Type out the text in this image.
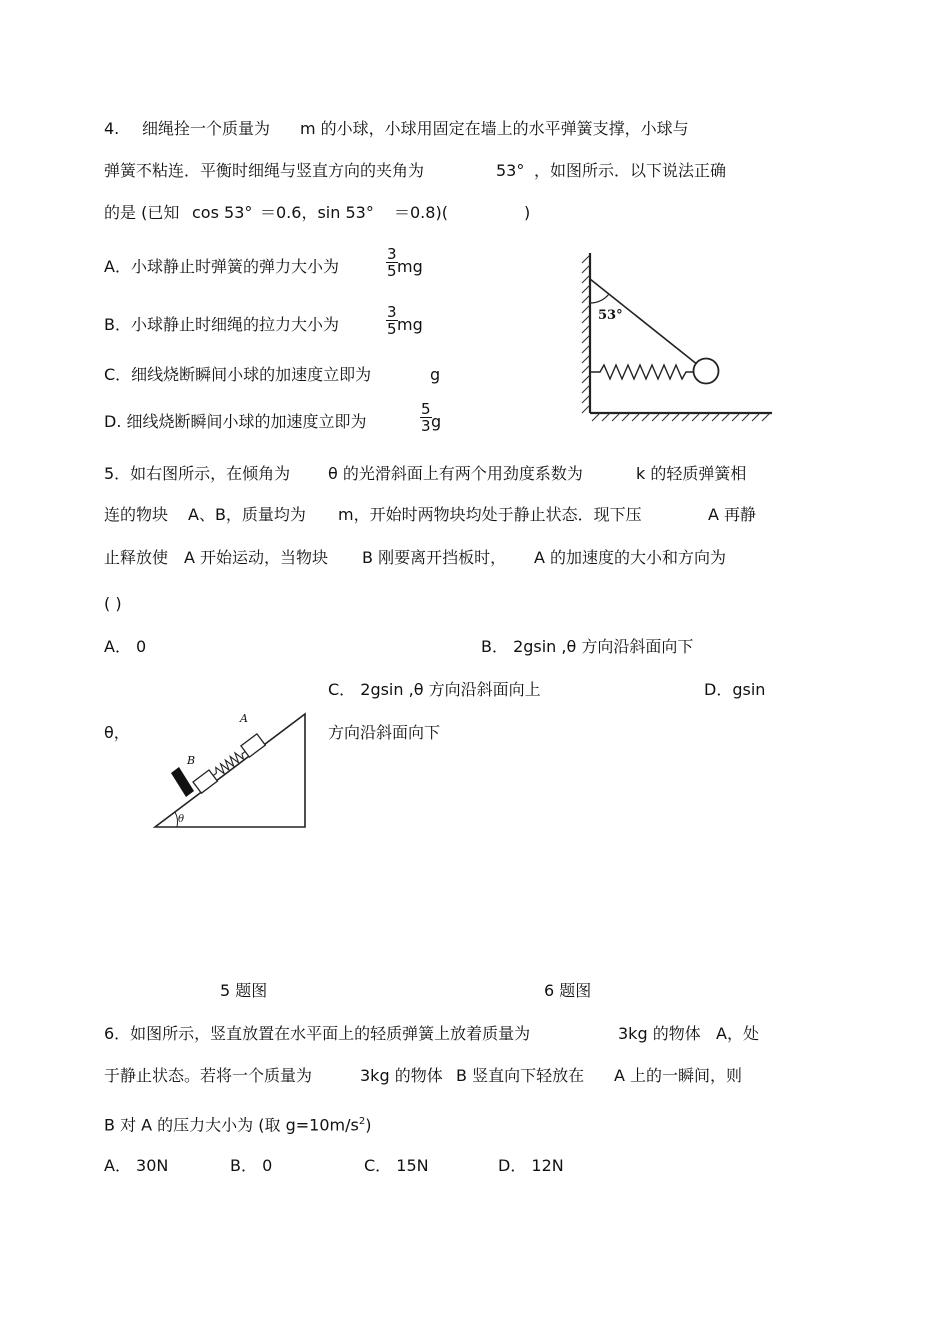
4. 细绳拴一个质量为 m 的小球，小球用固定在墙上的水平弹簧支撑，小球与
弹簧不粘连．平衡时细绳与竖直方向的夹角为	53° ，如图所示．以下说法正确
的是 (已知 cos 53° ＝0.6，sin 53° ＝0.8)(	)
A．小球静止时弹簧的弹力大小为	$\frac{3}{5}$ mg
B．小球静止时细绳的拉力大小为	$\frac{3}{5}$ mg
C．细线烧断瞬间小球的加速度立即为	g
D. 细线烧断瞬间小球的加速度立即为	$\frac{5}{3}$ g
53°
5．如右图所示，在倾角为 θ 的光滑斜面上有两个用劲度系数为	k 的轻质弹簧相
连的物块 A、B，质量均为 m，开始时两物块均处于静止状态．现下压	A 再静
止释放使 A 开始运动，当物块 B 刚要离开挡板时， A 的加速度的大小和方向为
( )
A． 0	B． 2gsin ,θ 方向沿斜面向下
C． 2gsin ,θ 方向沿斜面向上	D．gsin
θ，	方向沿斜面向下
θ
B
A
5 题图	6 题图
6．如图所示，竖直放置在水平面上的轻质弹簧上放着质量为	3kg 的物体 A，处
于静止状态。若将一个质量为	3kg 的物体 B 竖直向下轻放在 A 上的一瞬间，则
B 对 A 的压力大小为 (取 $g=10m/s^2$)
A． 30N	B． 0	C． 15N	D． 12N
